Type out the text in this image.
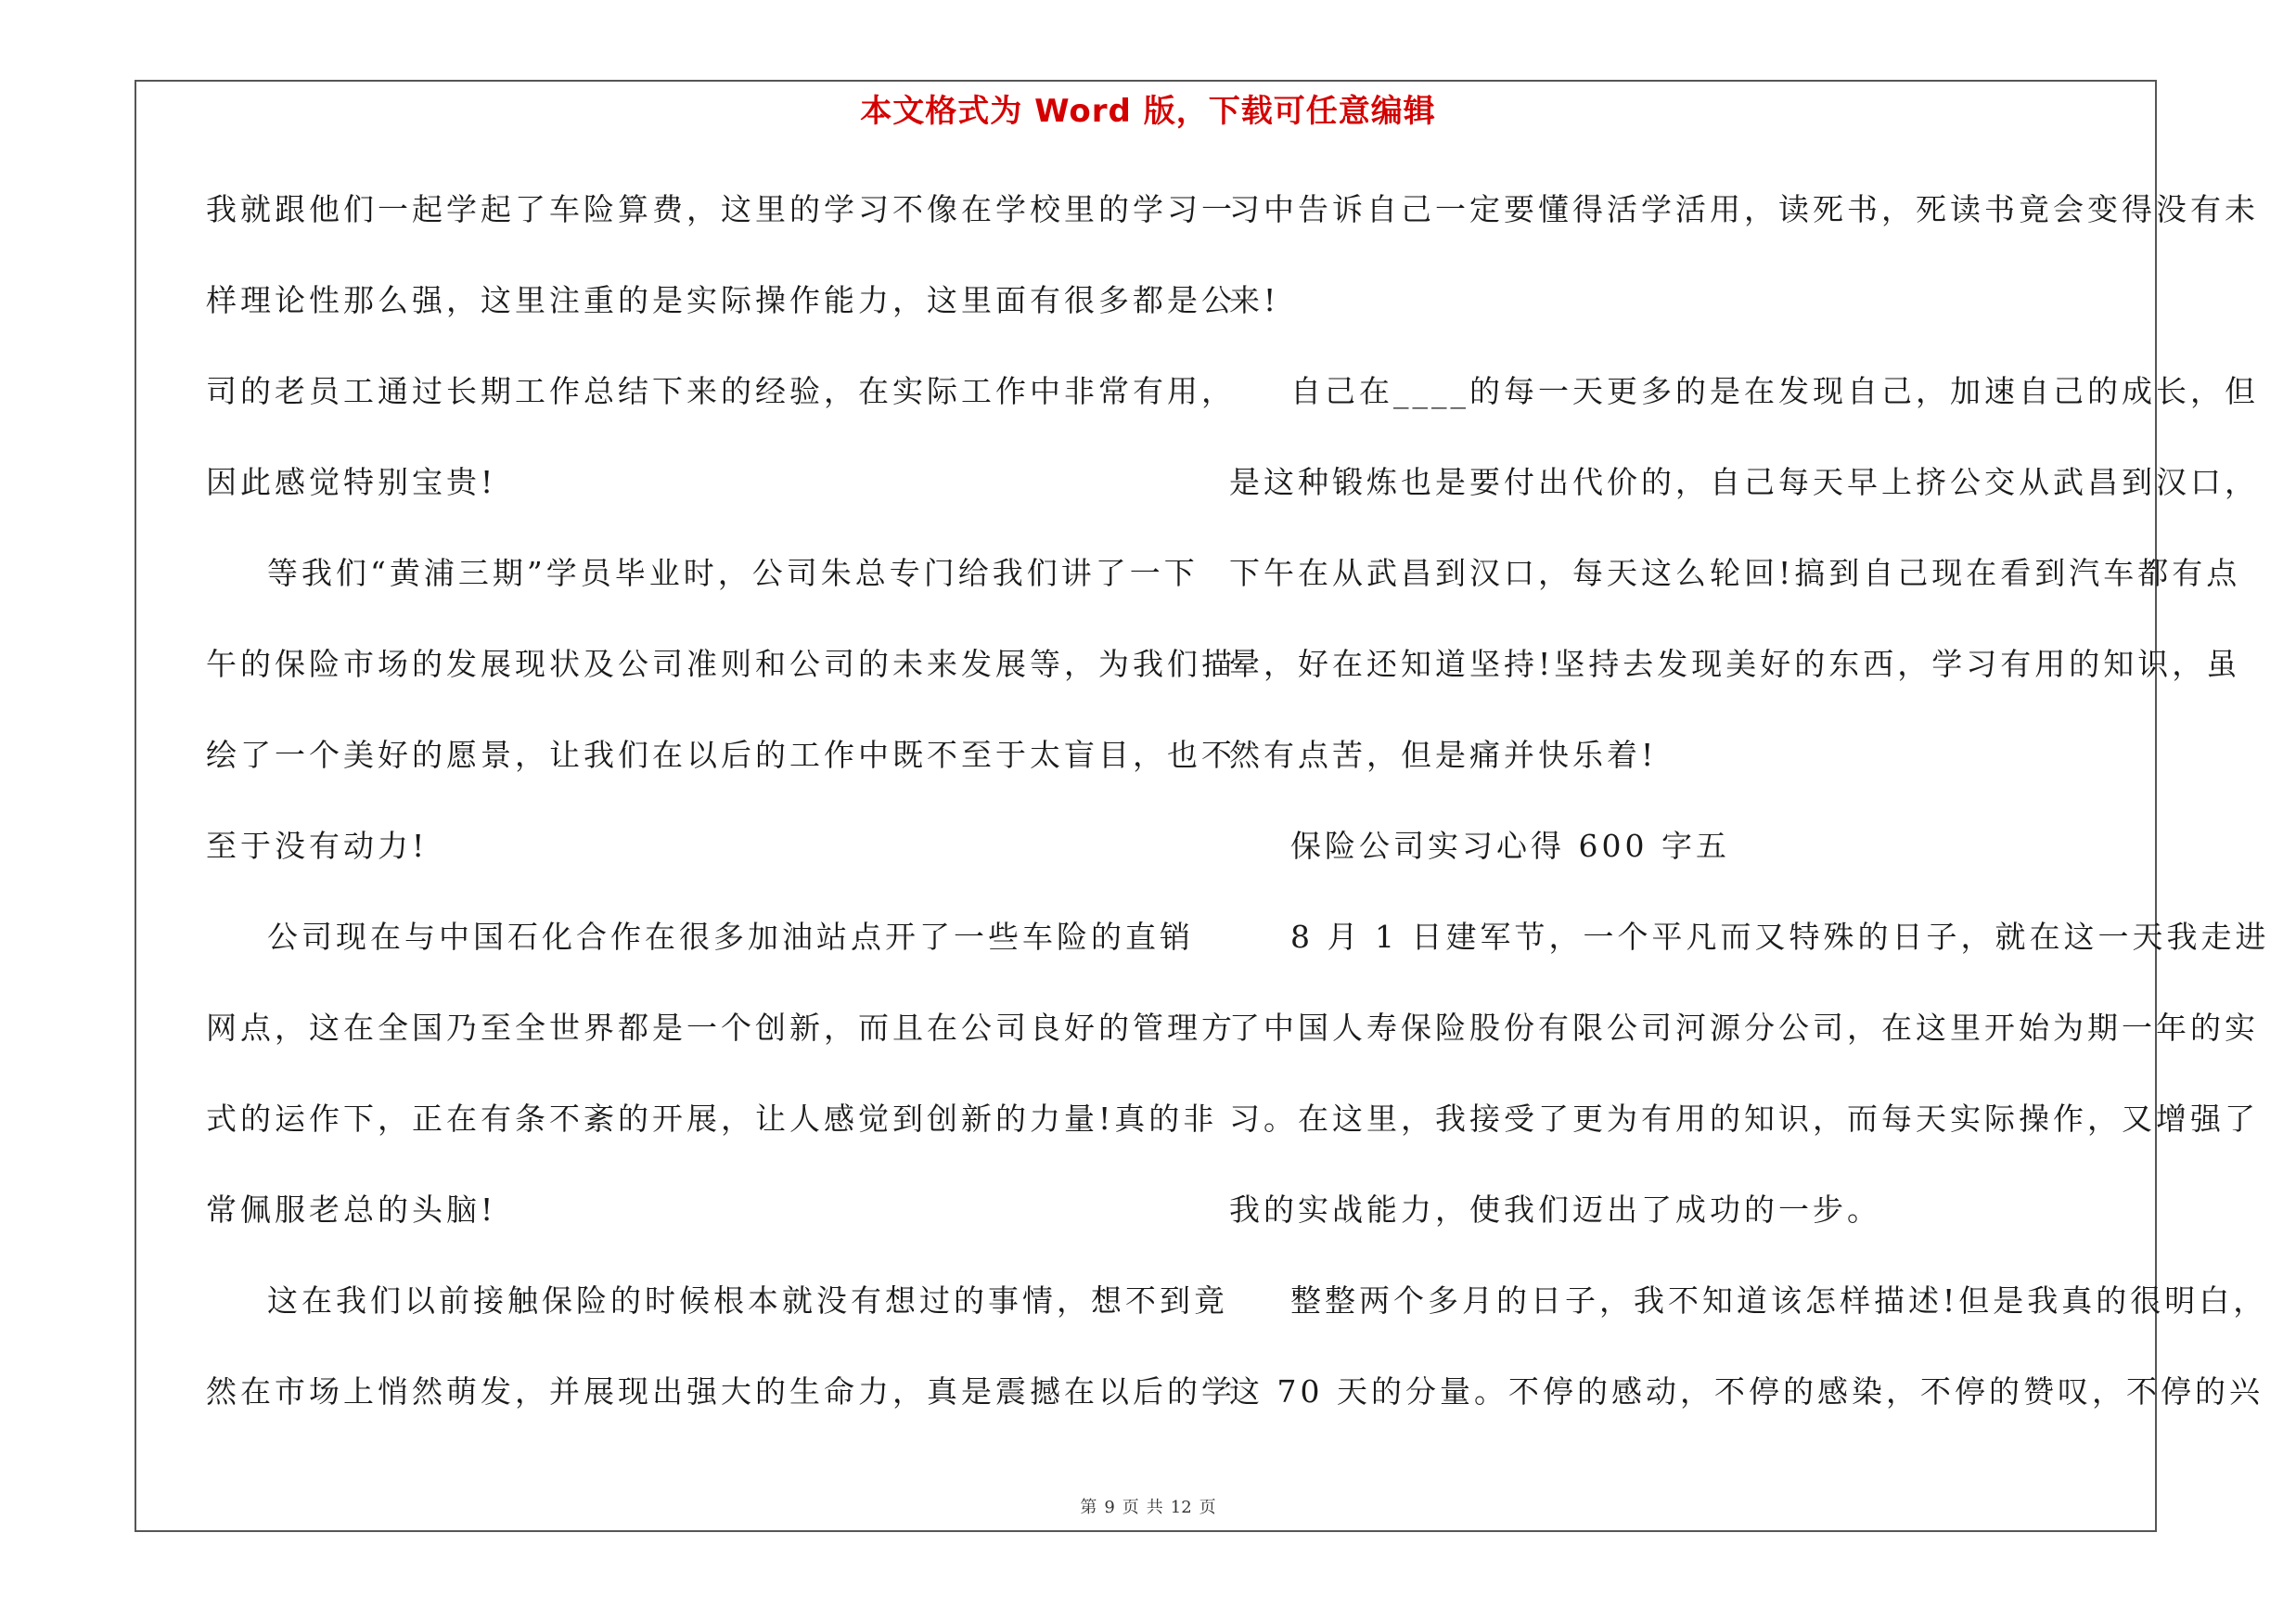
本文格式为 Word 版，下载可任意编辑
我就跟他们一起学起了车险算费，这里的学习不像在学校里的学习一
样理论性那么强，这里注重的是实际操作能力，这里面有很多都是公
司的老员工通过长期工作总结下来的经验，在实际工作中非常有用，
因此感觉特别宝贵!
等我们“黄浦三期”学员毕业时，公司朱总专门给我们讲了一下
午的保险市场的发展现状及公司准则和公司的未来发展等，为我们描
绘了一个美好的愿景，让我们在以后的工作中既不至于太盲目，也不
至于没有动力!
公司现在与中国石化合作在很多加油站点开了一些车险的直销
网点，这在全国乃至全世界都是一个创新，而且在公司良好的管理方
式的运作下，正在有条不紊的开展，让人感觉到创新的力量!真的非
常佩服老总的头脑!
这在我们以前接触保险的时候根本就没有想过的事情，想不到竟
然在市场上悄然萌发，并展现出强大的生命力，真是震撼在以后的学
习中告诉自己一定要懂得活学活用，读死书，死读书竟会变得没有未
来!
自己在____的每一天更多的是在发现自己，加速自己的成长，但
是这种锻炼也是要付出代价的，自己每天早上挤公交从武昌到汉口，
下午在从武昌到汉口，每天这么轮回!搞到自己现在看到汽车都有点
晕，好在还知道坚持!坚持去发现美好的东西，学习有用的知识，虽
然有点苦，但是痛并快乐着!
保险公司实习心得 600 字五
8 月 1 日建军节，一个平凡而又特殊的日子，就在这一天我走进
了中国人寿保险股份有限公司河源分公司，在这里开始为期一年的实
习。在这里，我接受了更为有用的知识，而每天实际操作，又增强了
我的实战能力，使我们迈出了成功的一步。
整整两个多月的日子，我不知道该怎样描述!但是我真的很明白，
这 70 天的分量。不停的感动，不停的感染，不停的赞叹，不停的兴
第 9 页 共 12 页
